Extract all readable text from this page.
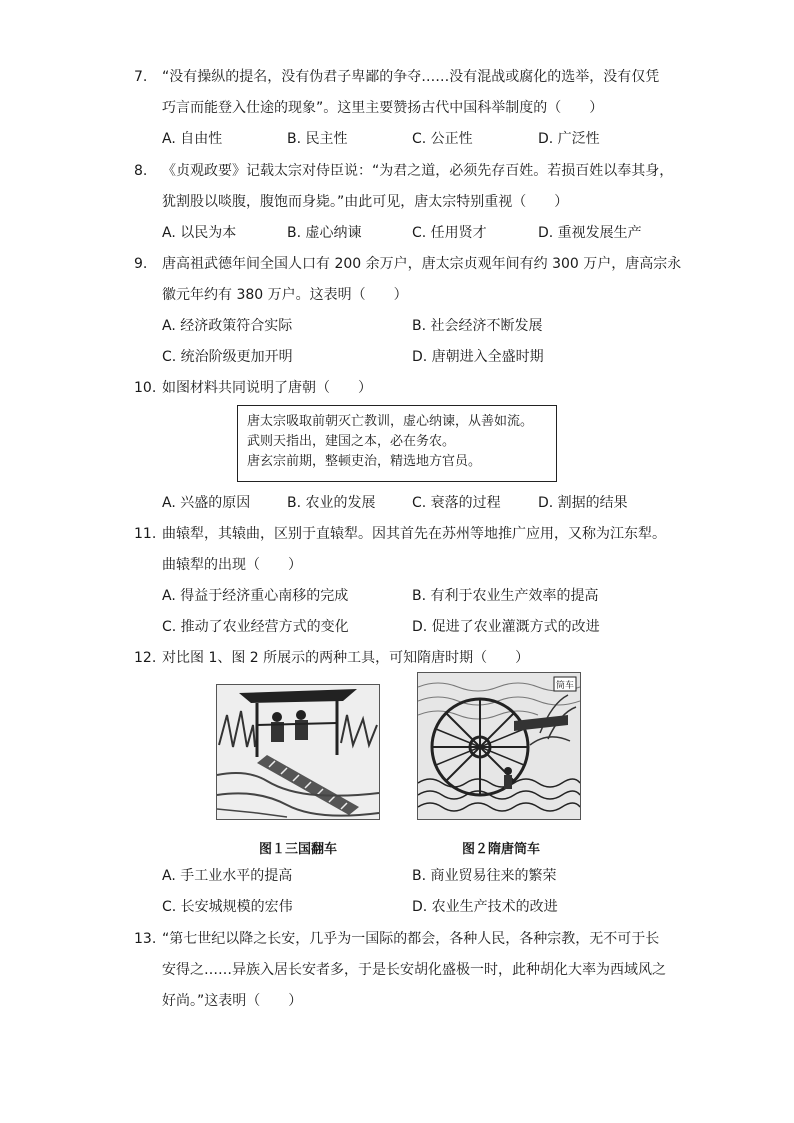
7. “没有操纵的提名，没有伪君子卑鄙的争夺……没有混战或腐化的选举，没有仅凭
巧言而能登入仕途的现象”。这里主要赞扬古代中国科举制度的（　　）
A. 自由性	B. 民主性	C. 公正性	D. 广泛性
8. 《贞观政要》记载太宗对侍臣说：“为君之道，必须先存百姓。若损百姓以奉其身，
犹割股以啖腹，腹饱而身毙。”由此可见，唐太宗特别重视（　　）
A. 以民为本	B. 虚心纳谏	C. 任用贤才	D. 重视发展生产
9. 唐高祖武德年间全国人口有 200 余万户，唐太宗贞观年间有约 300 万户，唐高宗永
徽元年约有 380 万户。这表明（　　）
A. 经济政策符合实际	B. 社会经济不断发展
C. 统治阶级更加开明	D. 唐朝进入全盛时期
10. 如图材料共同说明了唐朝（　　）
唐太宗吸取前朝灭亡教训，虚心纳谏，从善如流。
武则天指出，建国之本，必在务农。
唐玄宗前期，整顿吏治，精选地方官员。
A. 兴盛的原因	B. 农业的发展	C. 衰落的过程	D. 割据的结果
11. 曲辕犁，其辕曲，区别于直辕犁。因其首先在苏州等地推广应用，又称为江东犁。
曲辕犁的出现（　　）
A. 得益于经济重心南移的完成	B. 有利于农业生产效率的提高
C. 推动了农业经营方式的变化	D. 促进了农业灌溉方式的改进
12. 对比图 1、图 2 所展示的两种工具，可知隋唐时期（　　）
筒车
图１三国翻车	图２隋唐筒车
A. 手工业水平的提高	B. 商业贸易往来的繁荣
C. 长安城规模的宏伟	D. 农业生产技术的改进
13. “第七世纪以降之长安，几乎为一国际的都会，各种人民，各种宗教，无不可于长
安得之……异族入居长安者多，于是长安胡化盛极一时，此种胡化大率为西域风之
好尚。”这表明（　　）
